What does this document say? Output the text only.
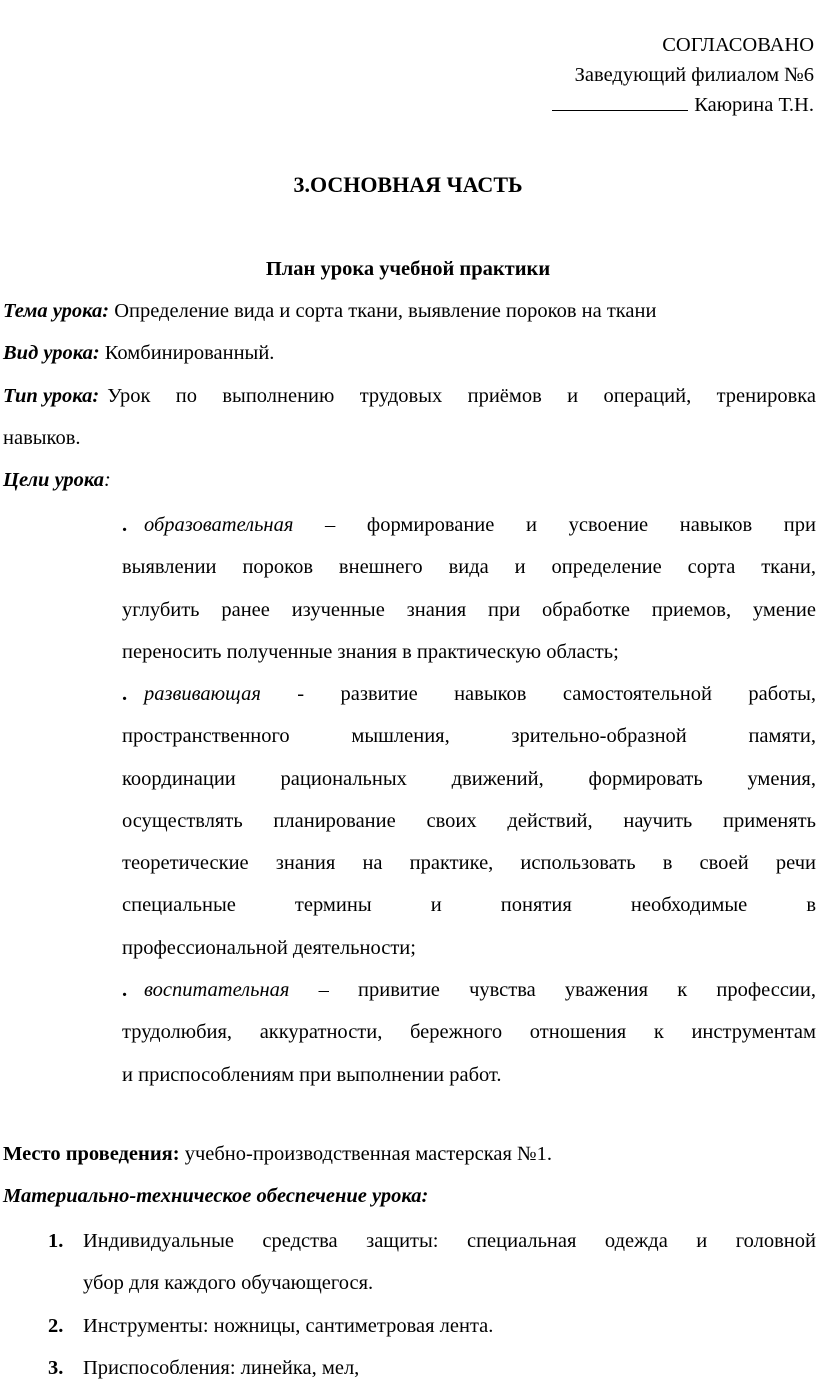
СОГЛАСОВАНО
Заведующий филиалом №6
Каюрина Т.Н.
3.ОСНОВНАЯ ЧАСТЬ
План урока учебной практики
Тема урока: Определение вида и сорта ткани, выявление пороков на ткани
Вид урока: Комбинированный.
Тип урока: Урок по выполнению трудовых приёмов и операций, тренировка
навыков.
Цели урока:
. образовательная – формирование и усвоение навыков при
выявлении пороков внешнего вида и определение сорта ткани,
углубить ранее изученные знания при обработке приемов, умение
переносить полученные знания в практическую область;
. развивающая - развитие навыков самостоятельной работы,
пространственного мышления, зрительно-образной памяти,
координации рациональных движений, формировать умения,
осуществлять планирование своих действий, научить применять
теоретические знания на практике, использовать в своей речи
специальные термины и понятия необходимые в
профессиональной деятельности;
. воспитательная – привитие чувства уважения к профессии,
трудолюбия, аккуратности, бережного отношения к инструментам
и приспособлениям при выполнении работ.
Место проведения: учебно-производственная мастерская №1.
Материально-техническое обеспечение урока:
1. Индивидуальные средства защиты: специальная одежда и головной
убор для каждого обучающегося.
2. Инструменты: ножницы, сантиметровая лента.
3. Приспособления: линейка, мел,
